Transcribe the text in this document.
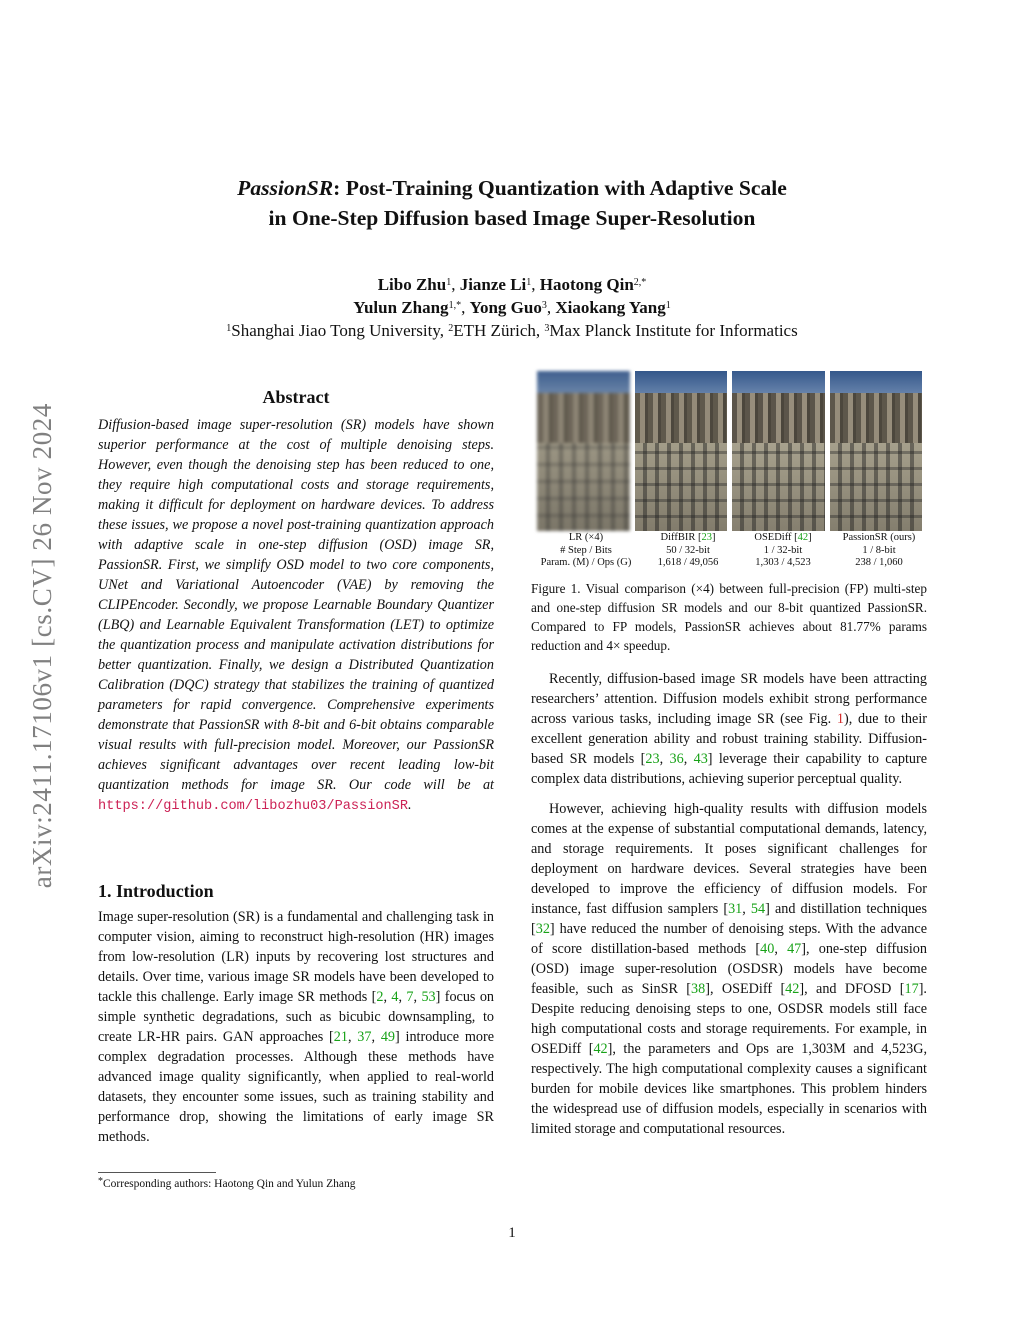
arXiv:2411.17106v1 [cs.CV] 26 Nov 2024
PassionSR: Post-Training Quantization with Adaptive Scale
in One-Step Diffusion based Image Super-Resolution
Libo Zhu$^1$, Jianze Li$^1$, Haotong Qin$^{2,*}$
Yulun Zhang$^{1,*}$, Yong Guo$^3$, Xiaokang Yang$^1$
$^1$Shanghai Jiao Tong University, $^2$ETH Zürich, $^3$Max Planck Institute for Informatics
Abstract
Diffusion-based image super-resolution (SR) models have shown superior performance at the cost of multiple denoising steps. However, even though the denoising step has been reduced to one, they require high computational costs and storage requirements, making it difficult for deployment on hardware devices. To address these issues, we propose a novel post-training quantization approach with adaptive scale in one-step diffusion (OSD) image SR, PassionSR. First, we simplify OSD model to two core components, UNet and Variational Autoencoder (VAE) by removing the CLIPEncoder. Secondly, we propose Learnable Boundary Quantizer (LBQ) and Learnable Equivalent Transformation (LET) to optimize the quantization process and manipulate activation distributions for better quantization. Finally, we design a Distributed Quantization Calibration (DQC) strategy that stabilizes the training of quantized parameters for rapid convergence. Comprehensive experiments demonstrate that PassionSR with 8-bit and 6-bit obtains comparable visual results with full-precision model. Moreover, our PassionSR achieves significant advantages over recent leading low-bit quantization methods for image SR. Our code will be at https://github.com/libozhu03/PassionSR.
1. Introduction

Image super-resolution (SR) is a fundamental and challenging task in computer vision, aiming to reconstruct high-resolution (HR) images from low-resolution (LR) inputs by recovering lost structures and details. Over time, various image SR models have been developed to tackle this challenge. Early image SR methods [2, 4, 7, 53] focus on simple synthetic degradations, such as bicubic downsampling, to create LR-HR pairs. GAN approaches [21, 37, 49] introduce more complex degradation processes. Although these methods have advanced image quality significantly, when applied to real-world datasets, they encounter some issues, such as training stability and performance drop, showing the limitations of early image SR methods.

*Corresponding authors: Haotong Qin and Yulun Zhang
LR (×4)
# Step / Bits
Param. (M) / Ops (G)
DiffBIR [23]
50 / 32-bit
1,618 / 49,056
OSEDiff [42]
1 / 32-bit
1,303 / 4,523
PassionSR (ours)
1 / 8-bit
238 / 1,060
Figure 1. Visual comparison (×4) between full-precision (FP) multi-step and one-step diffusion SR models and our 8-bit quantized PassionSR. Compared to FP models, PassionSR achieves about 81.77% params reduction and 4× speedup.

Recently, diffusion-based image SR models have been attracting researchers’ attention. Diffusion models exhibit strong performance across various tasks, including image SR (see Fig. 1), due to their excellent generation ability and robust training stability. Diffusion-based SR models [23, 36, 43] leverage their capability to capture complex data distributions, achieving superior perceptual quality.

However, achieving high-quality results with diffusion models comes at the expense of substantial computational demands, latency, and storage requirements. It poses significant challenges for deployment on hardware devices. Several strategies have been developed to improve the efficiency of diffusion models. For instance, fast diffusion samplers [31, 54] and distillation techniques [32] have reduced the number of denoising steps. With the advance of score distillation-based methods [40, 47], one-step diffusion (OSD) image super-resolution (OSDSR) models have become feasible, such as SinSR [38], OSEDiff [42], and DFOSD [17]. Despite reducing denoising steps to one, OSDSR models still face high computational costs and storage requirements. For example, in OSEDiff [42], the parameters and Ops are 1,303M and 4,523G, respectively. The high computational complexity causes a significant burden for mobile devices like smartphones. This problem hinders the widespread use of diffusion models, especially in scenarios with limited storage and computational resources.

1
